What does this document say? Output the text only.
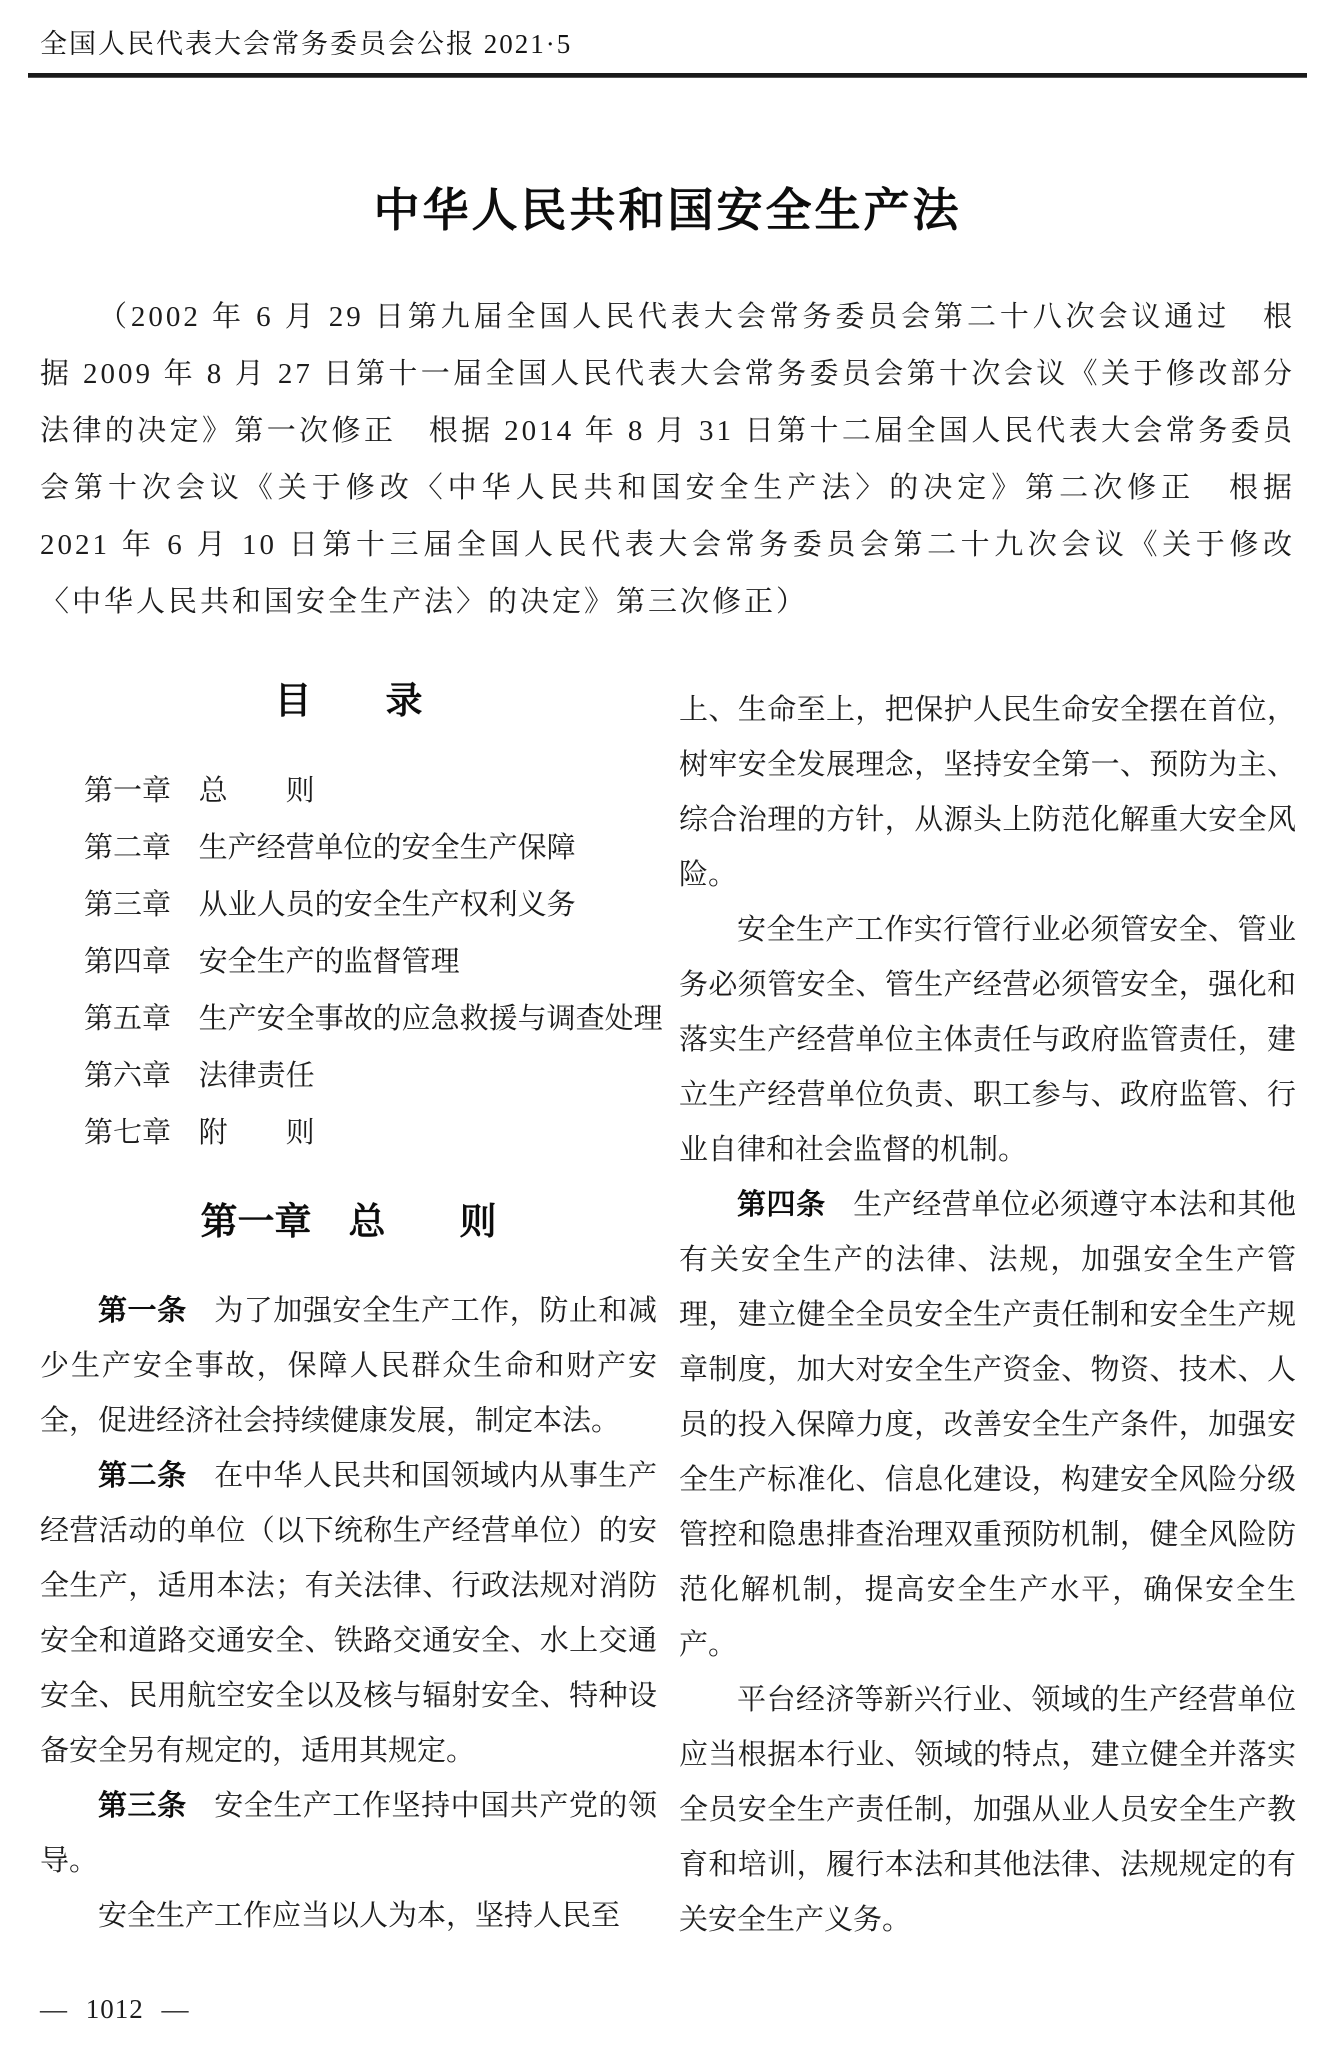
全国人民代表大会常务委员会公报 2021·5
中华人民共和国安全生产法
（2002 年 6 月 29 日第九届全国人民代表大会常务委员会第二十八次会议通过　根据 2009 年 8 月 27 日第十一届全国人民代表大会常务委员会第十次会议《关于修改部分法律的决定》第一次修正　根据 2014 年 8 月 31 日第十二届全国人民代表大会常务委员会第十次会议《关于修改〈中华人民共和国安全生产法〉的决定》第二次修正　根据 2021 年 6 月 10 日第十三届全国人民代表大会常务委员会第二十九次会议《关于修改〈中华人民共和国安全生产法〉的决定》第三次修正）
目　　录
第一章 总　　则
第二章 生产经营单位的安全生产保障
第三章 从业人员的安全生产权利义务
第四章 安全生产的监督管理
第五章 生产安全事故的应急救援与调查处理
第六章 法律责任
第七章 附　　则
第一章　总　　则

第一条 为了加强安全生产工作，防止和减少生产安全事故，保障人民群众生命和财产安全，促进经济社会持续健康发展，制定本法。

第二条 在中华人民共和国领域内从事生产经营活动的单位（以下统称生产经营单位）的安全生产，适用本法；有关法律、行政法规对消防安全和道路交通安全、铁路交通安全、水上交通安全、民用航空安全以及核与辐射安全、特种设备安全另有规定的，适用其规定。

第三条 安全生产工作坚持中国共产党的领导。

安全生产工作应当以人为本，坚持人民至

上、生命至上，把保护人民生命安全摆在首位，树牢安全发展理念，坚持安全第一、预防为主、综合治理的方针，从源头上防范化解重大安全风险。

安全生产工作实行管行业必须管安全、管业务必须管安全、管生产经营必须管安全，强化和落实生产经营单位主体责任与政府监管责任，建立生产经营单位负责、职工参与、政府监管、行业自律和社会监督的机制。

第四条 生产经营单位必须遵守本法和其他有关安全生产的法律、法规，加强安全生产管理，建立健全全员安全生产责任制和安全生产规章制度，加大对安全生产资金、物资、技术、人员的投入保障力度，改善安全生产条件，加强安全生产标准化、信息化建设，构建安全风险分级管控和隐患排查治理双重预防机制，健全风险防范化解机制，提高安全生产水平，确保安全生产。

平台经济等新兴行业、领域的生产经营单位应当根据本行业、领域的特点，建立健全并落实全员安全生产责任制，加强从业人员安全生产教育和培训，履行本法和其他法律、法规规定的有关安全生产义务。

— 1012 —
